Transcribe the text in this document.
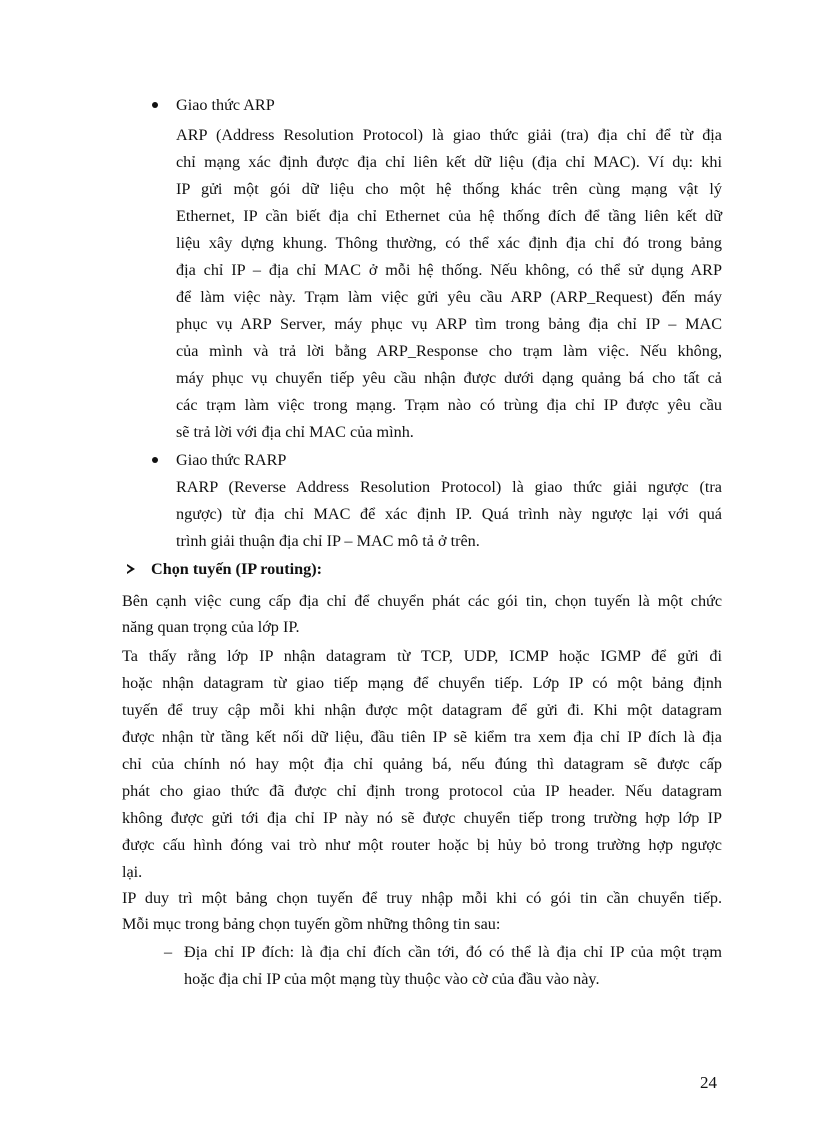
Giao thức ARP
ARP (Address Resolution Protocol) là giao thức giải (tra) địa chỉ để từ địa
chỉ mạng xác định được địa chỉ liên kết dữ liệu (địa chỉ MAC). Ví dụ: khi
IP gửi một gói dữ liệu cho một hệ thống khác trên cùng mạng vật lý
Ethernet, IP cần biết địa chỉ Ethernet của hệ thống đích để tầng liên kết dữ
liệu xây dựng khung. Thông thường, có thể xác định địa chỉ đó trong bảng
địa chỉ IP – địa chỉ MAC ở mỗi hệ thống. Nếu không, có thể sử dụng ARP
để làm việc này. Trạm làm việc gửi yêu cầu ARP (ARP_Request) đến máy
phục vụ ARP Server, máy phục vụ ARP tìm trong bảng địa chỉ IP – MAC
của mình và trả lời bằng ARP_Response cho trạm làm việc. Nếu không,
máy phục vụ chuyển tiếp yêu cầu nhận được dưới dạng quảng bá cho tất cả
các trạm làm việc trong mạng. Trạm nào có trùng địa chỉ IP được yêu cầu
sẽ trả lời với địa chỉ MAC của mình.
Giao thức RARP
RARP (Reverse Address Resolution Protocol) là giao thức giải ngược (tra
ngược) từ địa chỉ MAC để xác định IP. Quá trình này ngược lại với quá
trình giải thuận địa chỉ IP – MAC mô tả ở trên.
Chọn tuyến (IP routing):
Bên cạnh việc cung cấp địa chỉ để chuyển phát các gói tin, chọn tuyến là một chức
năng quan trọng của lớp IP.
Ta thấy rằng lớp IP nhận datagram từ TCP, UDP, ICMP hoặc IGMP để gửi đi
hoặc nhận datagram từ giao tiếp mạng để chuyển tiếp. Lớp IP có một bảng định
tuyến để truy cập mỗi khi nhận được một datagram để gửi đi. Khi một datagram
được nhận từ tầng kết nối dữ liệu, đầu tiên IP sẽ kiểm tra xem địa chỉ IP đích là địa
chỉ của chính nó hay một địa chỉ quảng bá, nếu đúng thì datagram sẽ được cấp
phát cho giao thức đã được chỉ định trong protocol của IP header. Nếu datagram
không được gửi tới địa chỉ IP này nó sẽ được chuyển tiếp trong trường hợp lớp IP
được cấu hình đóng vai trò như một router hoặc bị hủy bỏ trong trường hợp ngược
lại.
IP duy trì một bảng chọn tuyến để truy nhập mỗi khi có gói tin cần chuyển tiếp.
Mỗi mục trong bảng chọn tuyến gồm những thông tin sau:
– Địa chỉ IP đích: là địa chỉ đích cần tới, đó có thể là địa chỉ IP của một trạm
hoặc địa chỉ IP của một mạng tùy thuộc vào cờ của đầu vào này.
24
